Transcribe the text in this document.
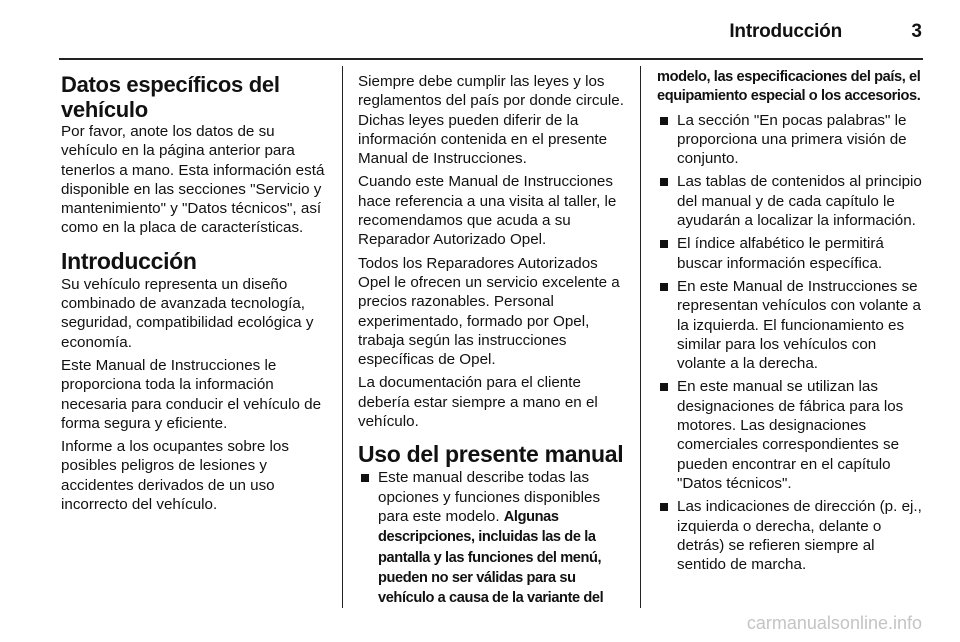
Introducción	3
Datos específicos del vehículo

Por favor, anote los datos de su vehículo en la página anterior para tenerlos a mano. Esta información está disponible en las secciones "Servicio y mantenimiento" y "Datos técnicos", así como en la placa de características.

Introducción

Su vehículo representa un diseño combinado de avanzada tecnología, seguridad, compatibilidad ecológica y economía.

Este Manual de Instrucciones le proporciona toda la información necesaria para conducir el vehículo de forma segura y eficiente.

Informe a los ocupantes sobre los posibles peligros de lesiones y accidentes derivados de un uso incorrecto del vehículo.

Siempre debe cumplir las leyes y los reglamentos del país por donde circule. Dichas leyes pueden diferir de la información contenida en el presente Manual de Instrucciones.

Cuando este Manual de Instrucciones hace referencia a una visita al taller, le recomendamos que acuda a su Reparador Autorizado Opel.

Todos los Reparadores Autorizados Opel le ofrecen un servicio excelente a precios razonables. Personal experimentado, formado por Opel, trabaja según las instrucciones específicas de Opel.

La documentación para el cliente debería estar siempre a mano en el vehículo.

Uso del presente manual
Este manual describe todas las opciones y funciones disponibles para este modelo. Algunas descripciones, incluidas las de la pantalla y las funciones del menú, pueden no ser válidas para su vehículo a causa de la variante del

modelo, las especificaciones del país, el equipamiento especial o los accesorios.

La sección "En pocas palabras" le proporciona una primera visión de conjunto.
Las tablas de contenidos al principio del manual y de cada capítulo le ayudarán a localizar la información.
El índice alfabético le permitirá buscar información específica.
En este Manual de Instrucciones se representan vehículos con volante a la izquierda. El funcionamiento es similar para los vehículos con volante a la derecha.
En este manual se utilizan las designaciones de fábrica para los motores. Las designaciones comerciales correspondientes se pueden encontrar en el capítulo "Datos técnicos".
Las indicaciones de dirección (p. ej., izquierda o derecha, delante o detrás) se refieren siempre al sentido de marcha.
carmanualsonline.info
